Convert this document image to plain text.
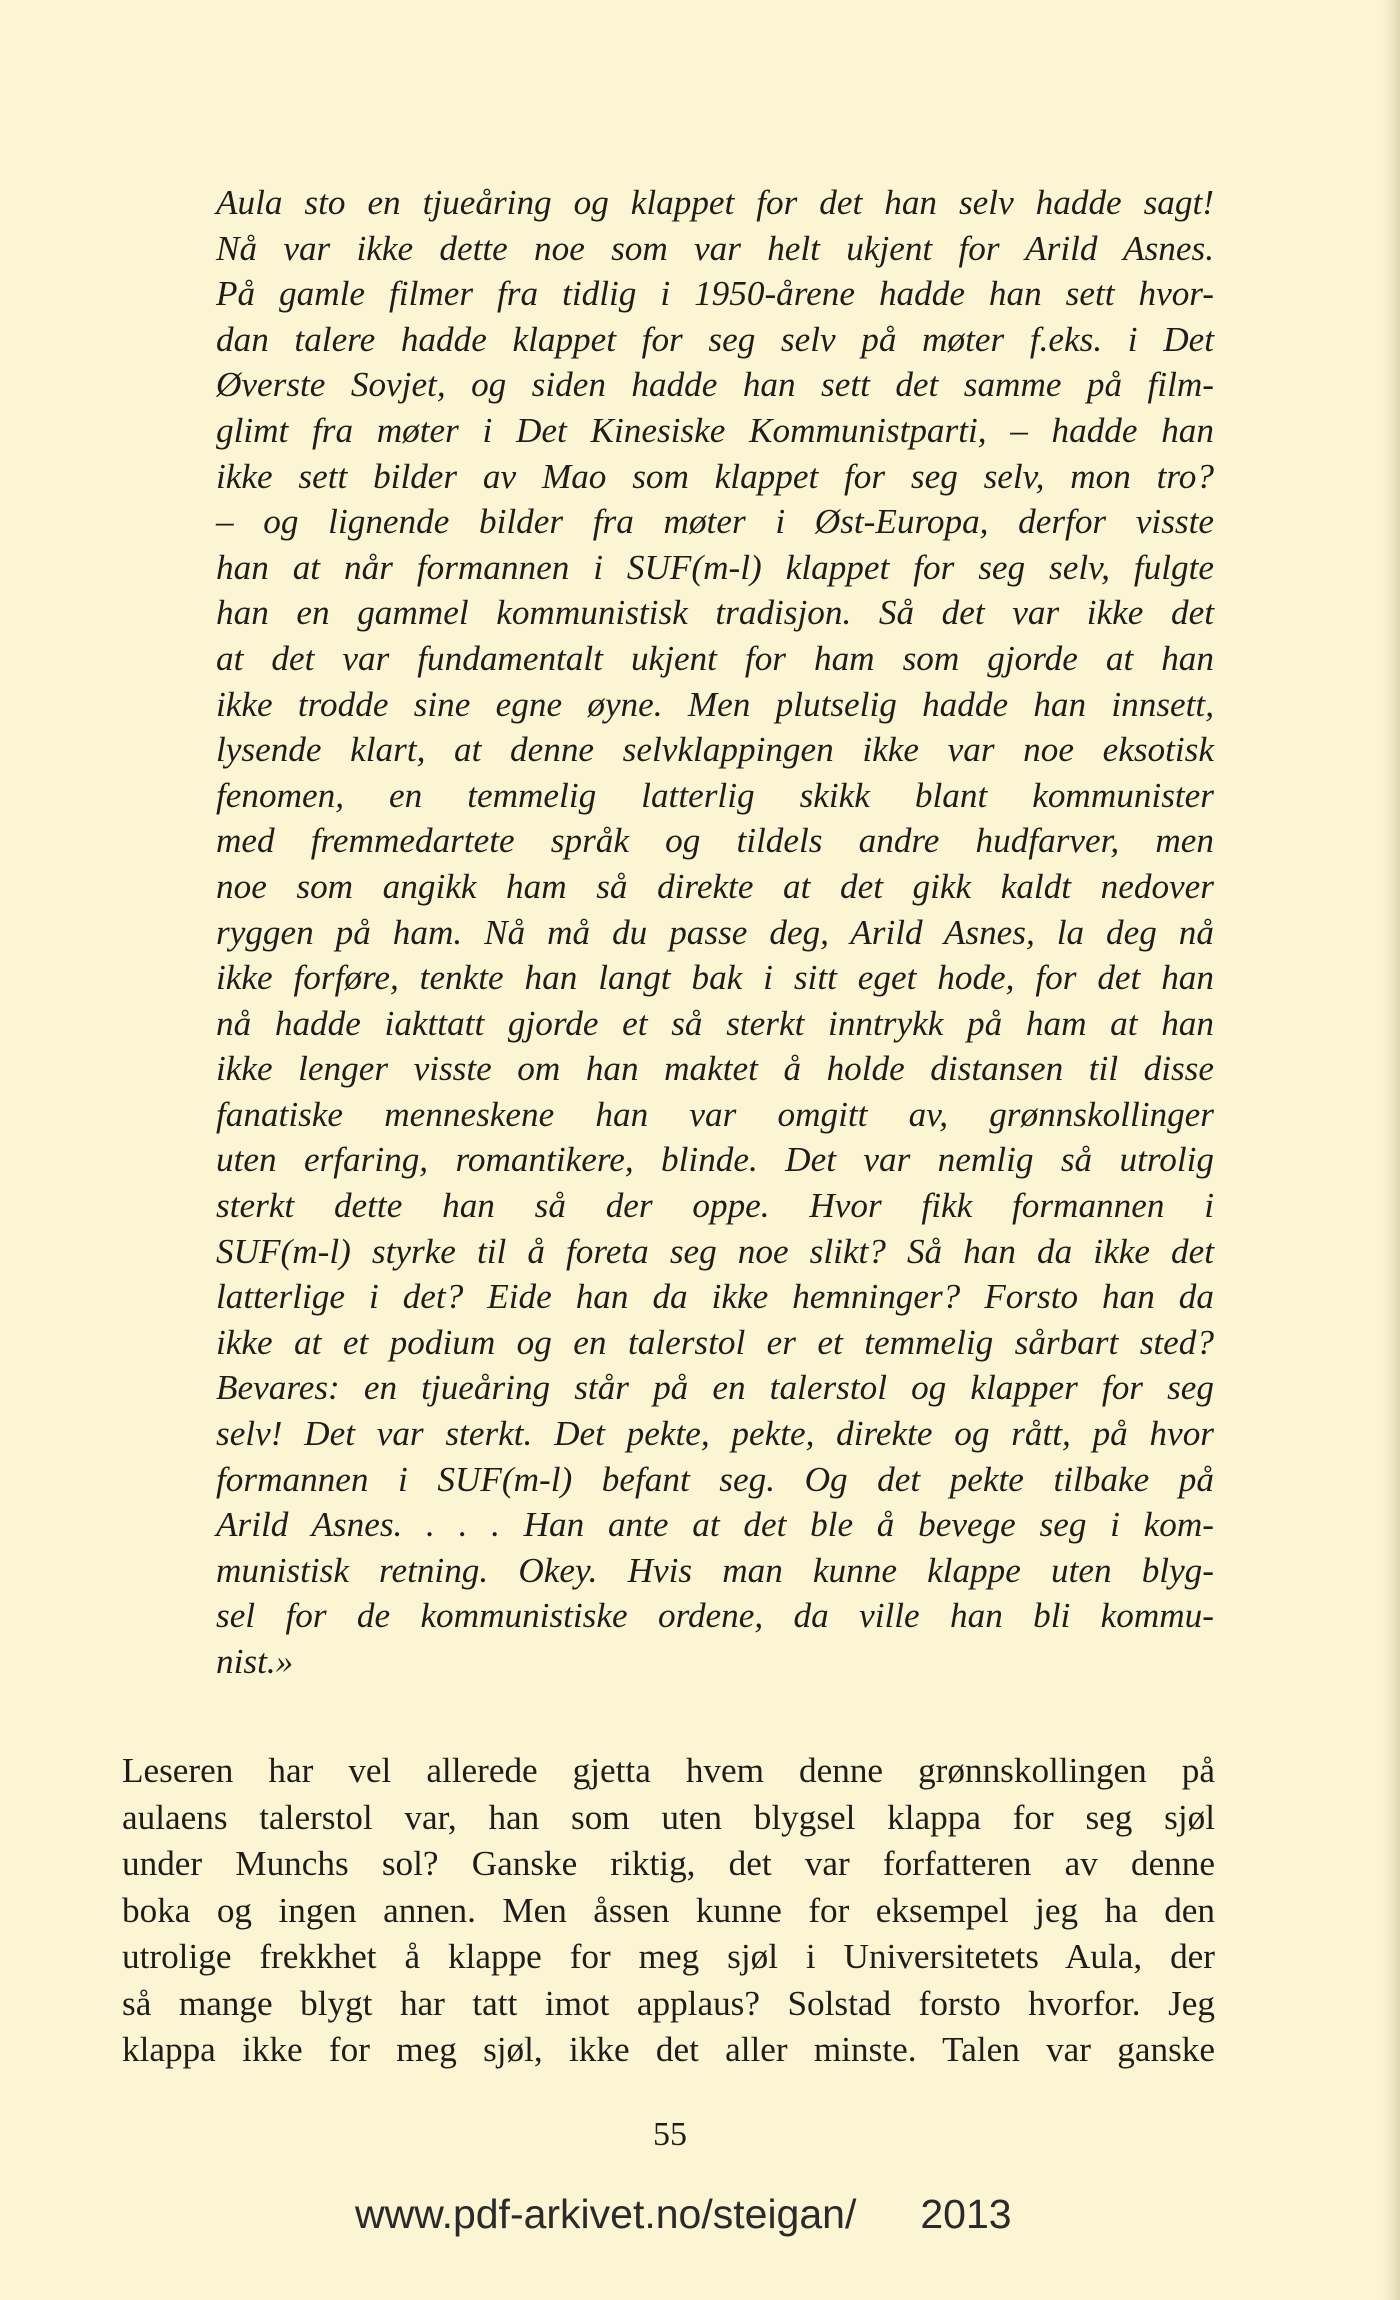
Aula sto en tjueåring og klappet for det han selv hadde sagt!
Nå var ikke dette noe som var helt ukjent for Arild Asnes.
På gamle filmer fra tidlig i 1950-årene hadde han sett hvor-
dan talere hadde klappet for seg selv på møter f.eks. i Det
Øverste Sovjet, og siden hadde han sett det samme på film-
glimt fra møter i Det Kinesiske Kommunistparti, – hadde han
ikke sett bilder av Mao som klappet for seg selv, mon tro?
– og lignende bilder fra møter i Øst-Europa, derfor visste
han at når formannen i SUF(m-l) klappet for seg selv, fulgte
han en gammel kommunistisk tradisjon. Så det var ikke det
at det var fundamentalt ukjent for ham som gjorde at han
ikke trodde sine egne øyne. Men plutselig hadde han innsett,
lysende klart, at denne selvklappingen ikke var noe eksotisk
fenomen, en temmelig latterlig skikk blant kommunister
med fremmedartete språk og tildels andre hudfarver, men
noe som angikk ham så direkte at det gikk kaldt nedover
ryggen på ham. Nå må du passe deg, Arild Asnes, la deg nå
ikke forføre, tenkte han langt bak i sitt eget hode, for det han
nå hadde iakttatt gjorde et så sterkt inntrykk på ham at han
ikke lenger visste om han maktet å holde distansen til disse
fanatiske menneskene han var omgitt av, grønnskollinger
uten erfaring, romantikere, blinde. Det var nemlig så utrolig
sterkt dette han så der oppe. Hvor fikk formannen i
SUF(m-l) styrke til å foreta seg noe slikt? Så han da ikke det
latterlige i det? Eide han da ikke hemninger? Forsto han da
ikke at et podium og en talerstol er et temmelig sårbart sted?
Bevares: en tjueåring står på en talerstol og klapper for seg
selv! Det var sterkt. Det pekte, pekte, direkte og rått, på hvor
formannen i SUF(m-l) befant seg. Og det pekte tilbake på
Arild Asnes. . . . Han ante at det ble å bevege seg i kom-
munistisk retning. Okey. Hvis man kunne klappe uten blyg-
sel for de kommunistiske ordene, da ville han bli kommu-
nist.»
Leseren har vel allerede gjetta hvem denne grønnskollingen på
aulaens talerstol var, han som uten blygsel klappa for seg sjøl
under Munchs sol? Ganske riktig, det var forfatteren av denne
boka og ingen annen. Men åssen kunne for eksempel jeg ha den
utrolige frekkhet å klappe for meg sjøl i Universitetets Aula, der
så mange blygt har tatt imot applaus? Solstad forsto hvorfor. Jeg
klappa ikke for meg sjøl, ikke det aller minste. Talen var ganske
55
www.pdf-arkivet.no/steigan/ 2013
